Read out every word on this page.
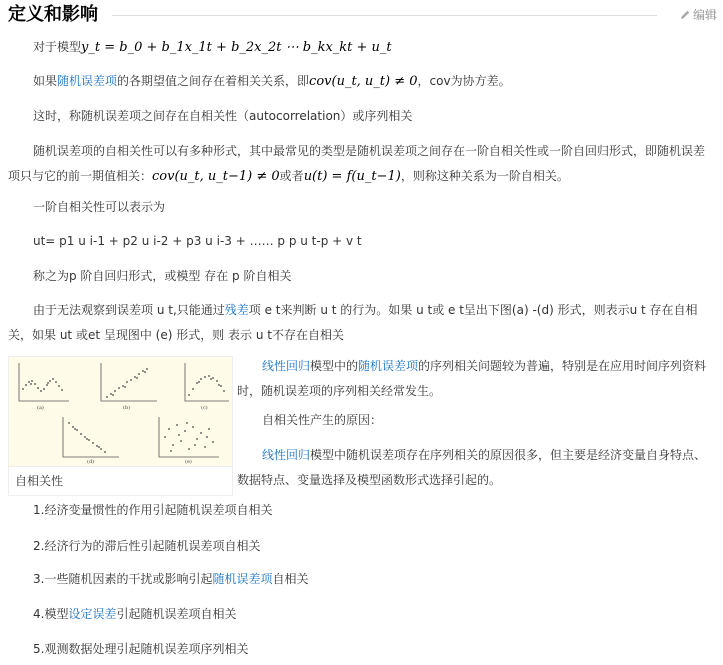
定义和影响	编辑

对于模型y_t = b_0 + b_1x_1t + b_2x_2t ⋯ b_kx_kt + u_t

如果随机误差项的各期望值之间存在着相关关系，即cov(u_t, u_t) ≠ 0，cov为协方差。

这时，称随机误差项之间存在自相关性（autocorrelation）或序列相关

随机误差项的自相关性可以有多种形式，其中最常见的类型是随机误差项之间存在一阶自相关性或一阶自回归形式，即随机误差项只与它的前一期值相关：cov(u_t, u_t−1) ≠ 0或者u(t) = f(u_t−1)，则称这种关系为一阶自相关。

一阶自相关性可以表示为

ut= p1 u i-1 + p2 u i-2 + p3 u i-3 + …… p p u t-p + v t

称之为p 阶自回归形式，或模型 存在 p 阶自相关

由于无法观察到误差项 u t,只能通过残差项 e t来判断 u t 的行为。如果 u t或 e t呈出下图(a) -(d) 形式，则表示u t 存在自相关，如果 ut 或et 呈现图中 (e) 形式，则 表示 u t不存在自相关

(a)	(b)	(c)
(d)	(e)
自相关性

线性回归模型中的随机误差项的序列相关问题较为普遍，特别是在应用时间序列资料时，随机误差项的序列相关经常发生。

自相关性产生的原因：

线性回归模型中随机误差项存在序列相关的原因很多，但主要是经济变量自身特点、数据特点、变量选择及模型函数形式选择引起的。

1.经济变量惯性的作用引起随机误差项自相关

2.经济行为的滞后性引起随机误差项自相关

3.一些随机因素的干扰或影响引起随机误差项自相关

4.模型设定误差引起随机误差项自相关

5.观测数据处理引起随机误差项序列相关
